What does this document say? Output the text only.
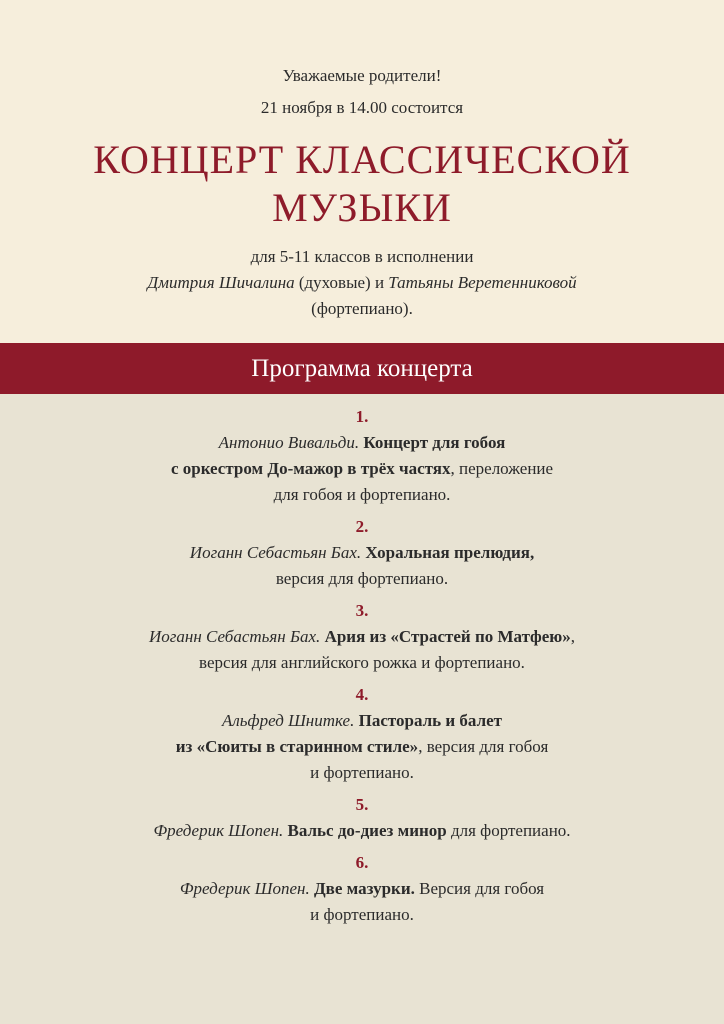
Уважаемые родители!
21 ноября в 14.00 состоится
КОНЦЕРТ КЛАССИЧЕСКОЙ
МУЗЫКИ
для 5-11 классов в исполнении
Дмитрия Шичалина (духовые) и Татьяны Веретенниковой
(фортепиано).
Программа концерта
1.
Антонио Вивальди. Концерт для гобоя
с оркестром До-мажор в трёх частях, переложение
для гобоя и фортепиано.
2.
Иоганн Себастьян Бах. Хоральная прелюдия,
версия для фортепиано.
3.
Иоганн Себастьян Бах. Ария из «Страстей по Матфею»,
версия для английского рожка и фортепиано.
4.
Альфред Шнитке. Пастораль и балет
из «Сюиты в старинном стиле», версия для гобоя
и фортепиано.
5.
Фредерик Шопен. Вальс до-диез минор для фортепиано.
6.
Фредерик Шопен. Две мазурки. Версия для гобоя
и фортепиано.
